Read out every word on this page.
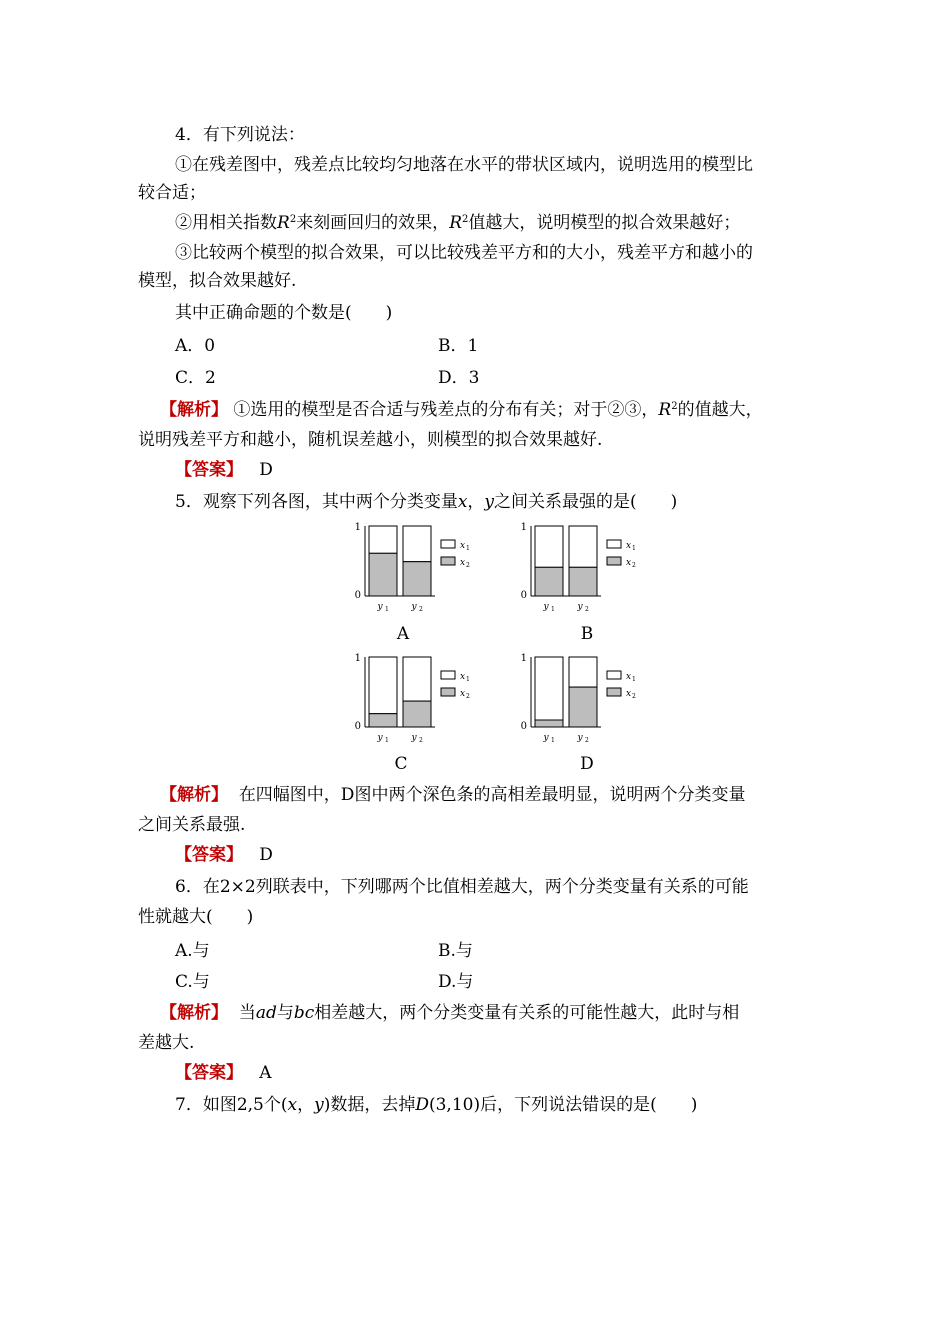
4．有下列说法：
①在残差图中，残差点比较均匀地落在水平的带状区域内，说明选用的模型比
较合适；
②用相关指数$R^2$来刻画回归的效果，$R^2$值越大，说明模型的拟合效果越好；
③比较两个模型的拟合效果，可以比较残差平方和的大小，残差平方和越小的
模型，拟合效果越好.
其中正确命题的个数是(　　)
A．0	B．1
C．2	D．3
【解析】 ①选用的模型是否合适与残差点的分布有关；对于②③，$R^2$的值越大，
说明残差平方和越小，随机误差越小，则模型的拟合效果越好.
【答案】 D
5．观察下列各图，其中两个分类变量x，y之间关系最强的是(　　)
1
0
y 1	y 2
x 1
x 2
A
1
0
y 1	y 2
x 1
x 2
B
1
0
y 1	y 2
x 1
x 2
C
1
0
y 1	y 2
x 1
x 2
D
【解析】 在四幅图中，D图中两个深色条的高相差最明显，说明两个分类变量
之间关系最强.
【答案】 D
6．在2×2列联表中，下列哪两个比值相差越大，两个分类变量有关系的可能
性就越大(　　)
A.与	B.与
C.与	D.与
【解析】 当ad与bc相差越大，两个分类变量有关系的可能性越大，此时与相
差越大.
【答案】 A
7．如图2,5个(x，y)数据，去掉D(3,10)后，下列说法错误的是(　　)
